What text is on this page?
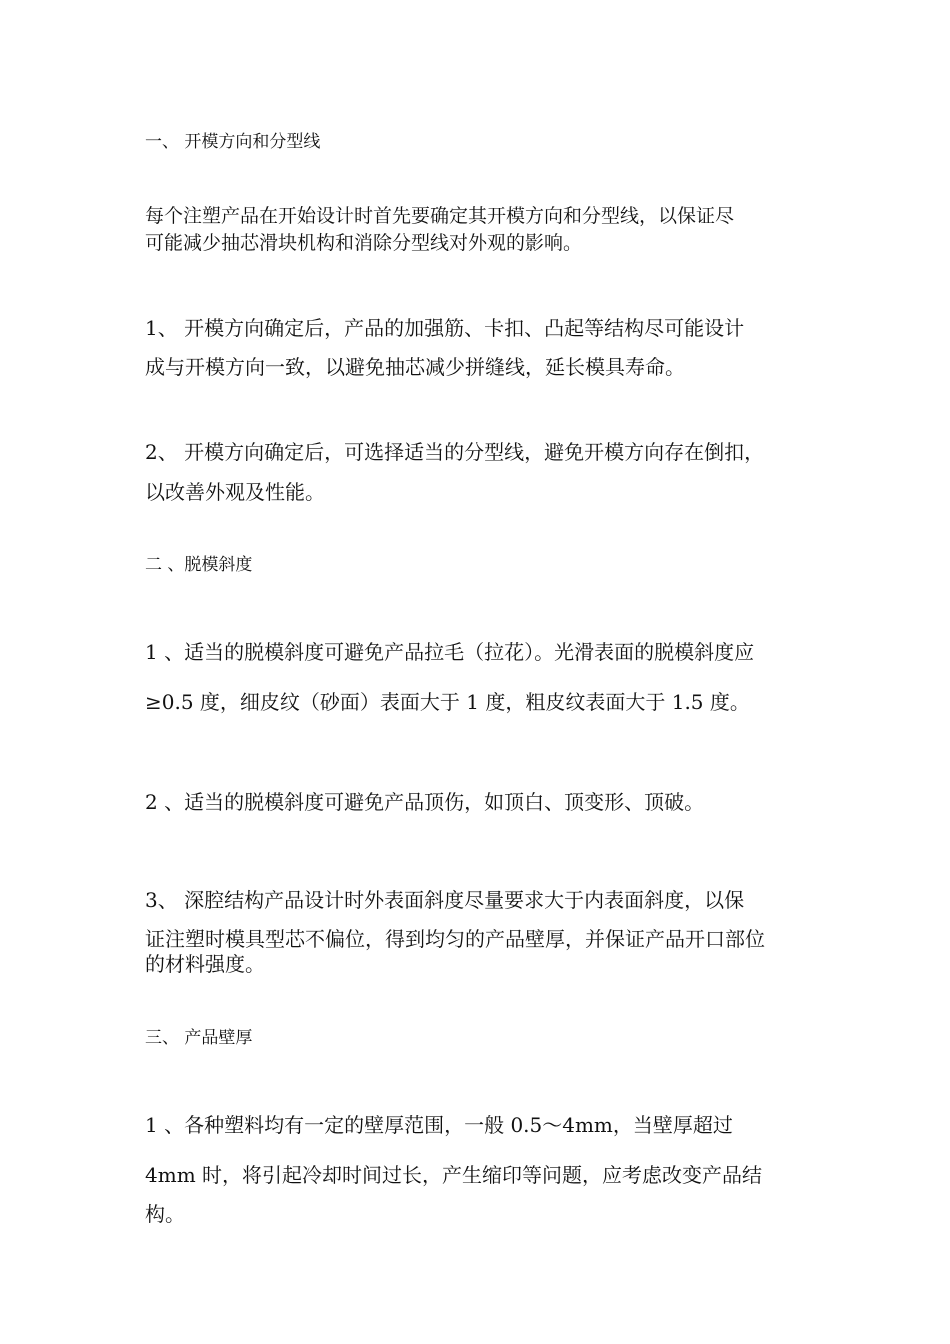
一、 开模方向和分型线

每个注塑产品在开始设计时首先要确定其开模方向和分型线，以保证尽

可能减少抽芯滑块机构和消除分型线对外观的影响。

1、 开模方向确定后，产品的加强筋、卡扣、凸起等结构尽可能设计

成与开模方向一致，以避免抽芯减少拼缝线，延长模具寿命。

2、 开模方向确定后，可选择适当的分型线，避免开模方向存在倒扣，

以改善外观及性能。

二 、脱模斜度

1 、适当的脱模斜度可避免产品拉毛（拉花）。光滑表面的脱模斜度应

≥0.5 度，细皮纹（砂面）表面大于 1 度，粗皮纹表面大于 1.5 度。

2 、适当的脱模斜度可避免产品顶伤，如顶白、顶变形、顶破。

3、 深腔结构产品设计时外表面斜度尽量要求大于内表面斜度，以保

证注塑时模具型芯不偏位，得到均匀的产品壁厚，并保证产品开口部位

的材料强度。

三、 产品壁厚

1 、各种塑料均有一定的壁厚范围，一般 0.5～4mm，当壁厚超过

4mm 时，将引起冷却时间过长，产生缩印等问题，应考虑改变产品结

构。
